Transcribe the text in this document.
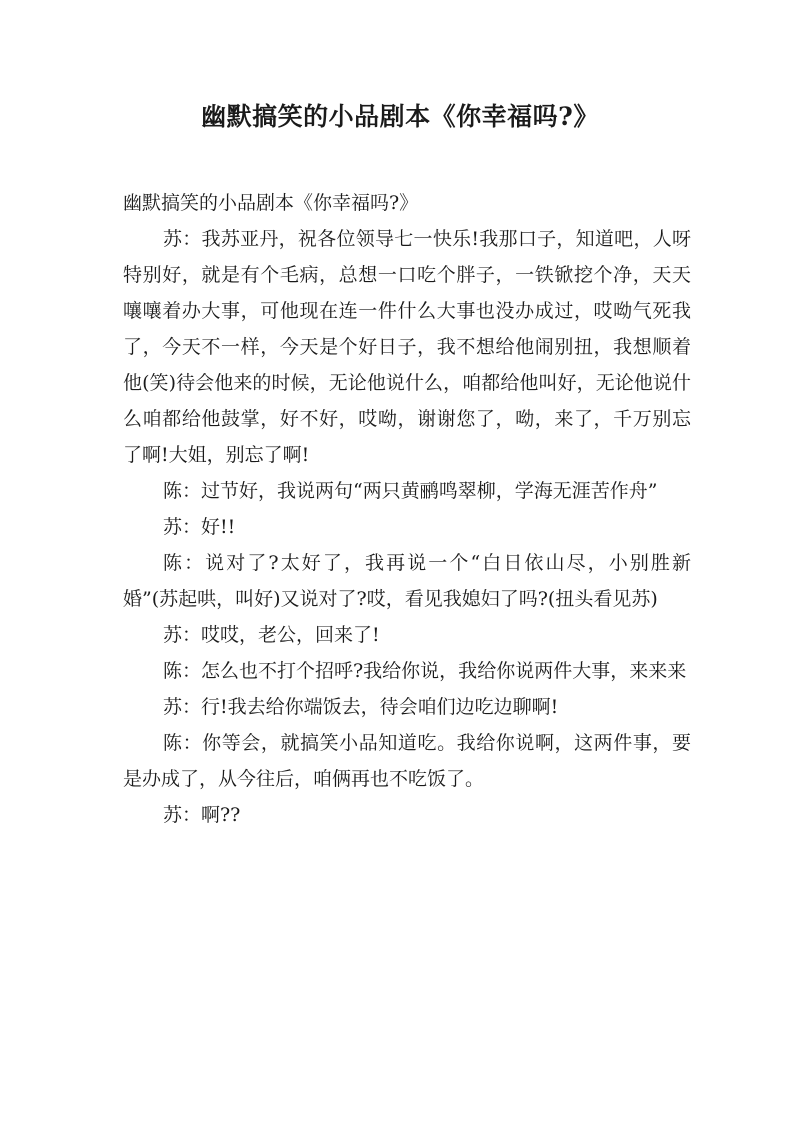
幽默搞笑的小品剧本《你幸福吗?》

幽默搞笑的小品剧本《你幸福吗?》

苏：我苏亚丹，祝各位领导七一快乐!我那口子，知道吧，人呀特别好，就是有个毛病，总想一口吃个胖子，一铁锨挖个净，天天嚷嚷着办大事，可他现在连一件什么大事也没办成过，哎呦气死我了，今天不一样，今天是个好日子，我不想给他闹别扭，我想顺着他(笑)待会他来的时候，无论他说什么，咱都给他叫好，无论他说什么咱都给他鼓掌，好不好，哎呦，谢谢您了，呦，来了，千万别忘了啊!大姐，别忘了啊!

陈：过节好，我说两句“两只黄鹂鸣翠柳，学海无涯苦作舟”

苏：好!!

陈：说对了?太好了，我再说一个“白日依山尽，小别胜新婚”(苏起哄，叫好)又说对了?哎，看见我媳妇了吗?(扭头看见苏)

苏：哎哎，老公，回来了!

陈：怎么也不打个招呼?我给你说，我给你说两件大事，来来来

苏：行!我去给你端饭去，待会咱们边吃边聊啊!

陈：你等会，就搞笑小品知道吃。我给你说啊，这两件事，要是办成了，从今往后，咱俩再也不吃饭了。

苏：啊??
